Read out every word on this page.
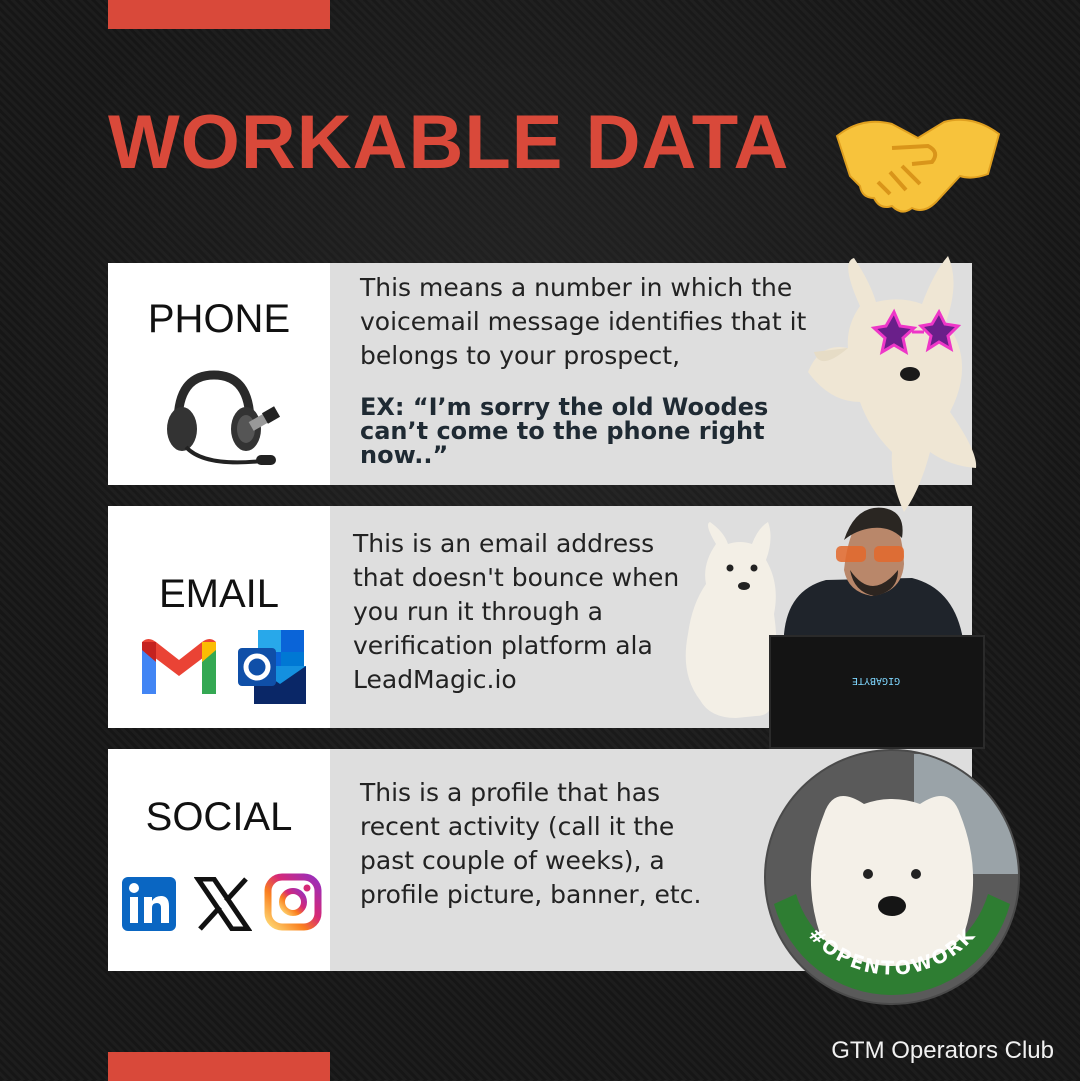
WORKABLE DATA
PHONE
This means a number in which the voicemail message identifies that it belongs to your prospect,
EX: “I’m sorry the old Woodes can’t come to the phone right now..”
EMAIL
This is an email address that doesn't bounce when you run it through a verification platform ala LeadMagic.io
SOCIAL
This is a profile that has recent activity (call it the past couple of weeks), a profile picture, banner, etc.
GIGABYTE
#OPENTOWORK
GTM Operators Club
